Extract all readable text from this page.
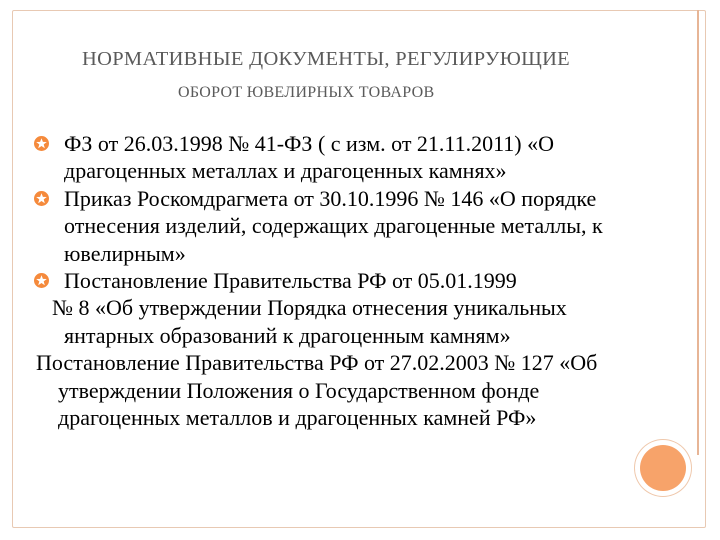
НОРМАТИВНЫЕ ДОКУМЕНТЫ, РЕГУЛИРУЮЩИЕ
ОБОРОТ ЮВЕЛИРНЫХ ТОВАРОВ
ФЗ от 26.03.1998 № 41-ФЗ ( с изм. от 21.11.2011) «О
драгоценных металлах и драгоценных камнях»
Приказ Роскомдрагмета от 30.10.1996 № 146 «О порядке
отнесения изделий, содержащих драгоценные металлы, к
ювелирным»
Постановление Правительства РФ от 05.01.1999
№ 8 «Об утверждении Порядка отнесения уникальных
янтарных образований к драгоценным камням»
Постановление Правительства РФ от 27.02.2003 № 127 «Об
утверждении Положения о Государственном фонде
драгоценных металлов и драгоценных камней РФ»
